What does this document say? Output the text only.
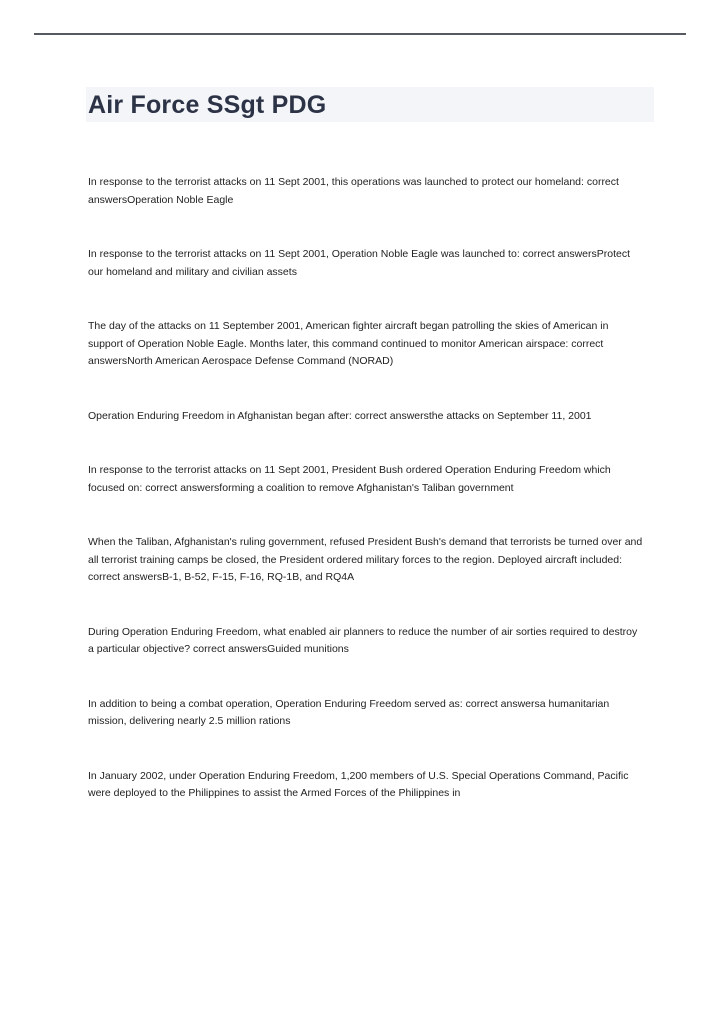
Air Force SSgt PDG

In response to the terrorist attacks on 11 Sept 2001, this operations was launched to protect our homeland: correct answersOperation Noble Eagle

In response to the terrorist attacks on 11 Sept 2001, Operation Noble Eagle was launched to: correct answersProtect our homeland and military and civilian assets

The day of the attacks on 11 September 2001, American fighter aircraft began patrolling the skies of American in support of Operation Noble Eagle. Months later, this command continued to monitor American airspace: correct answersNorth American Aerospace Defense Command (NORAD)

Operation Enduring Freedom in Afghanistan began after: correct answersthe attacks on September 11, 2001

In response to the terrorist attacks on 11 Sept 2001, President Bush ordered Operation Enduring Freedom which focused on: correct answersforming a coalition to remove Afghanistan's Taliban government

When the Taliban, Afghanistan's ruling government, refused President Bush's demand that terrorists be turned over and all terrorist training camps be closed, the President ordered military forces to the region. Deployed aircraft included: correct answersB-1, B-52, F-15, F-16, RQ-1B, and RQ4A

During Operation Enduring Freedom, what enabled air planners to reduce the number of air sorties required to destroy a particular objective? correct answersGuided munitions

In addition to being a combat operation, Operation Enduring Freedom served as: correct answersa humanitarian mission, delivering nearly 2.5 million rations

In January 2002, under Operation Enduring Freedom, 1,200 members of U.S. Special Operations Command, Pacific were deployed to the Philippines to assist the Armed Forces of the Philippines in
